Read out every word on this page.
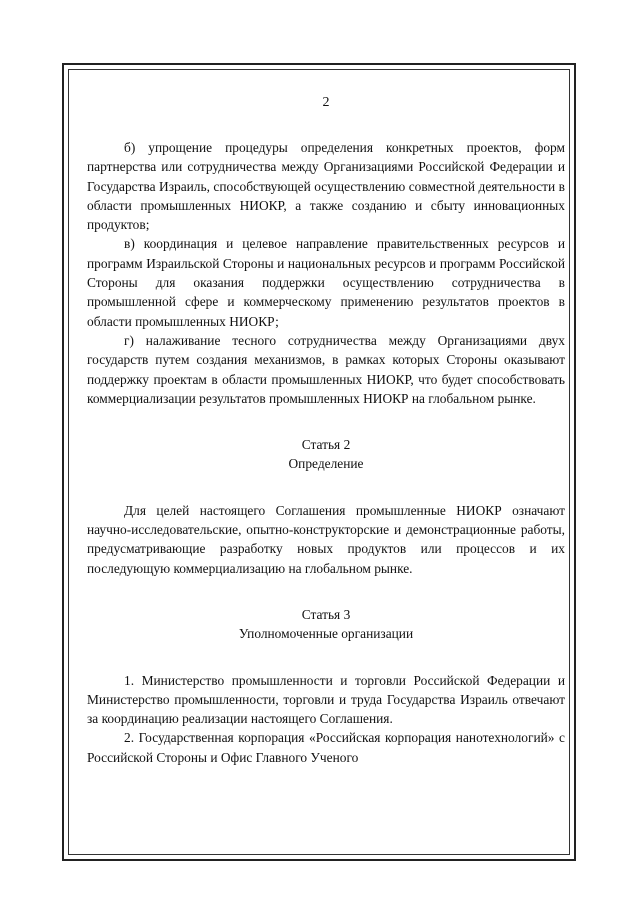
2

б) упрощение процедуры определения конкретных проектов, форм партнерства или сотрудничества между Организациями Российской Федерации и Государства Израиль, способствующей осуществлению совместной деятельности в области промышленных НИОКР, а также созданию и сбыту инновационных продуктов;

в) координация и целевое направление правительственных ресурсов и программ Израильской Стороны и национальных ресурсов и программ Российской Стороны для оказания поддержки осуществлению сотрудничества в промышленной сфере и коммерческому применению результатов проектов в области промышленных НИОКР;

г) налаживание тесного сотрудничества между Организациями двух государств путем создания механизмов, в рамках которых Стороны оказывают поддержку проектам в области промышленных НИОКР, что будет способствовать коммерциализации результатов промышленных НИОКР на глобальном рынке.

Статья 2

Определение

Для целей настоящего Соглашения промышленные НИОКР означают научно-исследовательские, опытно-конструкторские и демонстрационные работы, предусматривающие разработку новых продуктов или процессов и их последующую коммерциализацию на глобальном рынке.

Статья 3

Уполномоченные организации

1. Министерство промышленности и торговли Российской Федерации и Министерство промышленности, торговли и труда Государства Израиль отвечают за координацию реализации настоящего Соглашения.

2. Государственная корпорация «Российская корпорация нанотехнологий» с Российской Стороны и Офис Главного Ученого
